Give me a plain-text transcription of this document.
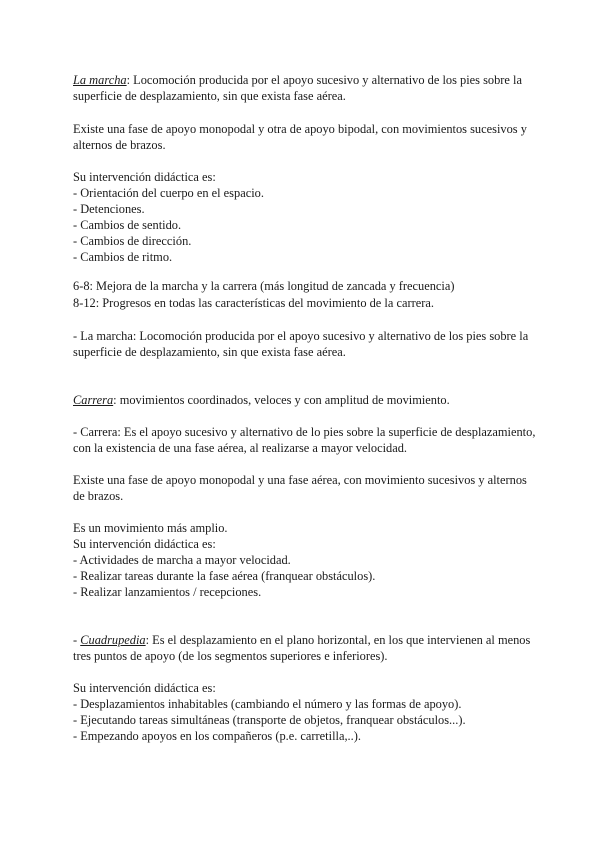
La marcha: Locomoción producida por el apoyo sucesivo y alternativo de los pies sobre la
superficie de desplazamiento, sin que exista fase aérea.
Existe una fase de apoyo monopodal y otra de apoyo bipodal, con movimientos sucesivos y
alternos de brazos.
Su intervención didáctica es:
- Orientación del cuerpo en el espacio.
- Detenciones.
- Cambios de sentido.
- Cambios de dirección.
- Cambios de ritmo.
6-8: Mejora de la marcha y la carrera (más longitud de zancada y frecuencia)
8-12: Progresos en todas las características del movimiento de la carrera.
- La marcha: Locomoción producida por el apoyo sucesivo y alternativo de los pies sobre la
superficie de desplazamiento, sin que exista fase aérea.
Carrera: movimientos coordinados, veloces y con amplitud de movimiento.
- Carrera: Es el apoyo sucesivo y alternativo de lo pies sobre la superficie de desplazamiento,
con la existencia de una fase aérea, al realizarse a mayor velocidad.
Existe una fase de apoyo monopodal y una fase aérea, con movimiento sucesivos y alternos
de brazos.
Es un movimiento más amplio.
Su intervención didáctica es:
- Actividades de marcha a mayor velocidad.
- Realizar tareas durante la fase aérea (franquear obstáculos).
- Realizar lanzamientos / recepciones.
- Cuadrupedia: Es el desplazamiento en el plano horizontal, en los que intervienen al menos
tres puntos de apoyo (de los segmentos superiores e inferiores).
Su intervención didáctica es:
- Desplazamientos inhabitables (cambiando el número y las formas de apoyo).
- Ejecutando tareas simultáneas (transporte de objetos, franquear obstáculos...).
- Empezando apoyos en los compañeros (p.e. carretilla,..).
